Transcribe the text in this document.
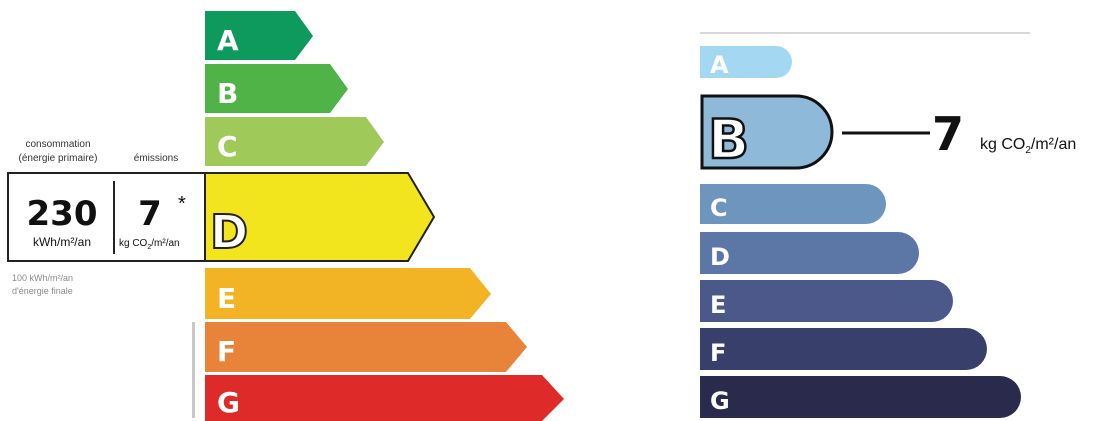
A
B
C
D
E
F
G
consommation
(énergie primaire)	émissions
230
kWh/m²/an
7 *
kg $CO_2/m^2/an$
100 kWh/m²/an
d'énergie finale
A
B	7 kg $CO_2/m^2/an$
C
D
E
F
G
